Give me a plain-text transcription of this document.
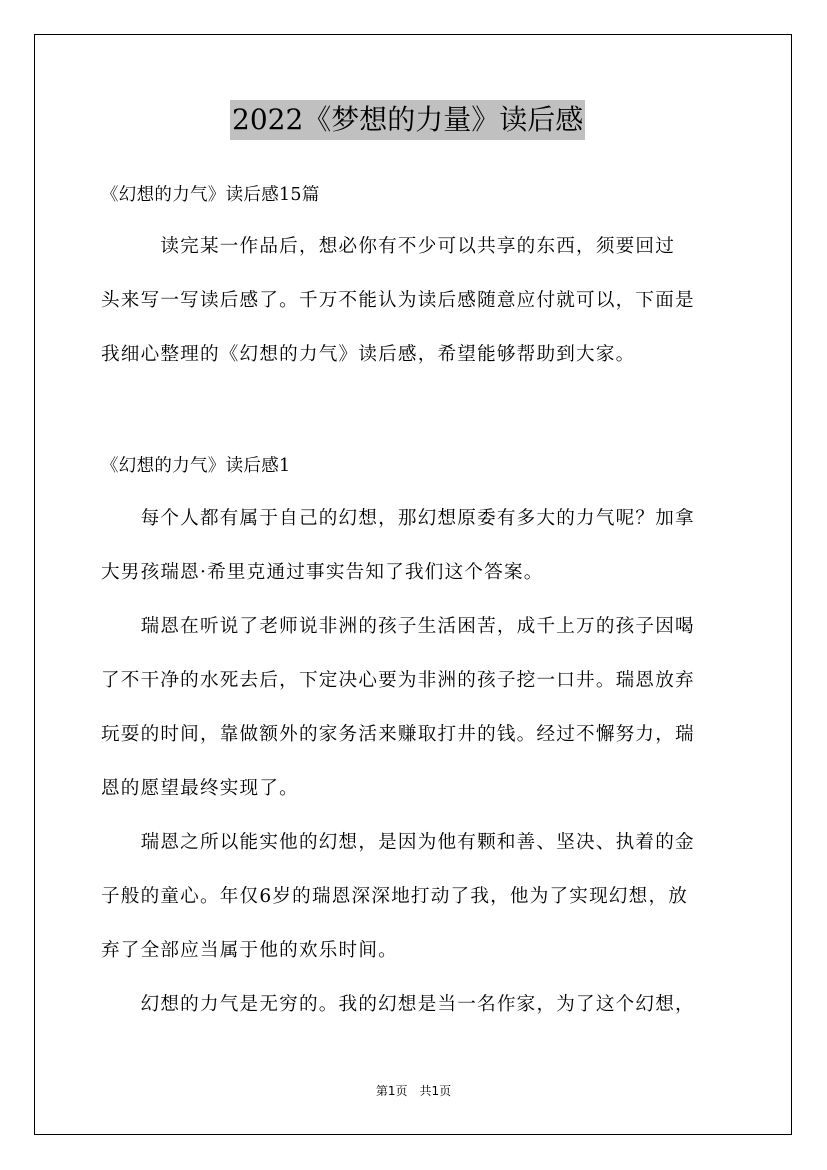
2022《梦想的力量》读后感
《幻想的力气》读后感15篇
　　　读完某一作品后，想必你有不少可以共享的东西，须要回过
头来写一写读后感了。千万不能认为读后感随意应付就可以，下面是
我细心整理的《幻想的力气》读后感，希望能够帮助到大家。
《幻想的力气》读后感1
　　每个人都有属于自己的幻想，那幻想原委有多大的力气呢？加拿
大男孩瑞恩·希里克通过事实告知了我们这个答案。
　　瑞恩在听说了老师说非洲的孩子生活困苦，成千上万的孩子因喝
了不干净的水死去后，下定决心要为非洲的孩子挖一口井。瑞恩放弃
玩耍的时间，靠做额外的家务活来赚取打井的钱。经过不懈努力，瑞
恩的愿望最终实现了。
　　瑞恩之所以能实他的幻想，是因为他有颗和善、坚决、执着的金
子般的童心。年仅6岁的瑞恩深深地打动了我，他为了实现幻想，放
弃了全部应当属于他的欢乐时间。
　　幻想的力气是无穷的。我的幻想是当一名作家，为了这个幻想，
第1页　共1页
